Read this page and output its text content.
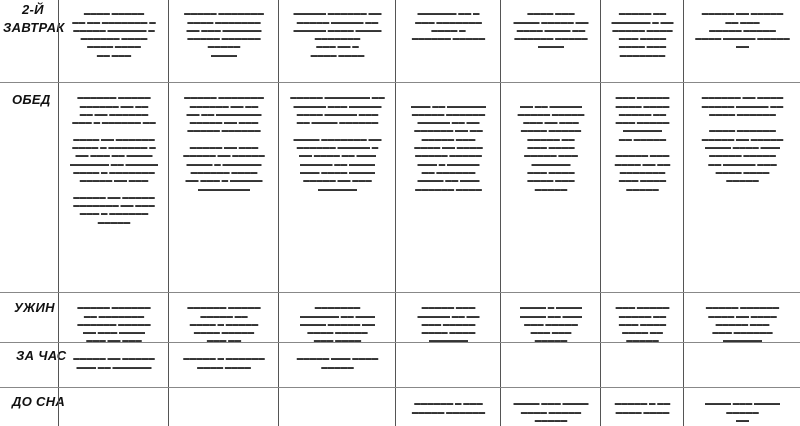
2-Й
ЗАВТРАК
ОБЕД
УЖИН
ЗА ЧАС
ДО СНА

▬▬▬▬ ▬▬▬▬▬
▬▬ ▬▬ ▬▬▬▬▬▬▬ ▬
▬▬▬▬▬ ▬▬▬▬▬▬ ▬
▬▬▬▬▬▬ ▬▬▬▬
▬▬▬▬ ▬▬▬▬
▬▬ ▬▬▬

▬▬▬▬▬ ▬▬▬▬▬▬▬
▬▬▬▬ ▬▬▬▬▬▬▬
▬▬ ▬▬▬ ▬▬▬▬▬▬
▬▬▬▬▬ ▬▬▬▬▬▬
▬▬▬▬▬
▬▬▬▬

▬▬▬▬▬ ▬▬▬▬▬▬ ▬▬
▬▬▬▬▬ ▬▬▬▬▬ ▬▬
▬▬▬▬▬ ▬▬▬▬ ▬▬▬▬
▬▬▬▬▬▬▬
▬▬▬ ▬▬ ▬
▬▬▬▬ ▬▬▬▬

▬▬▬▬▬▬ ▬▬ ▬
▬▬▬ ▬▬▬▬▬▬▬
▬▬▬▬ ▬
▬▬▬▬▬▬ ▬▬▬▬▬

▬▬▬▬ ▬▬▬
▬▬▬▬ ▬▬▬▬▬ ▬▬
▬▬▬▬ ▬▬▬▬ ▬▬
▬▬▬▬▬▬ ▬▬▬▬▬
▬▬▬▬

▬▬▬▬▬ ▬▬
▬▬▬▬▬▬ ▬ ▬▬
▬▬▬▬▬ ▬▬▬▬
▬▬▬ ▬▬▬▬
▬▬▬▬ ▬▬▬
▬▬▬▬▬▬▬

▬▬▬▬▬ ▬▬ ▬▬▬▬▬
▬▬ ▬▬▬
▬▬▬▬▬ ▬▬▬▬▬
▬▬▬▬ ▬▬▬▬▬ ▬▬▬▬▬
▬▬

▬▬▬▬▬▬ ▬▬▬▬▬
▬▬▬▬▬▬ ▬▬ ▬▬
▬▬ ▬▬ ▬▬▬▬▬▬
▬▬▬ ▬ ▬▬▬▬▬▬ ▬▬

▬▬▬▬ ▬▬ ▬▬▬▬▬▬
▬▬▬▬ ▬ ▬▬▬▬▬▬ ▬
▬▬ ▬▬▬ ▬▬ ▬▬▬▬
▬▬▬▬▬▬ ▬▬ ▬▬▬▬▬
▬▬▬▬ ▬ ▬▬▬▬▬▬▬
▬▬▬▬▬ ▬▬ ▬▬▬

▬▬▬▬▬ ▬▬ ▬▬▬▬▬
▬▬▬▬▬▬▬ ▬▬ ▬▬▬
▬▬▬ ▬ ▬▬▬▬▬▬
▬▬▬▬▬

▬▬▬▬▬ ▬▬▬▬▬▬▬
▬▬▬▬▬▬ ▬▬ ▬▬
▬▬ ▬▬ ▬▬▬▬▬▬▬
▬▬▬▬▬ ▬▬ ▬▬▬
▬▬▬▬▬ ▬▬▬▬▬▬

▬▬▬▬▬ ▬▬ ▬▬▬
▬▬▬▬▬ ▬▬ ▬▬▬▬▬
▬▬▬▬ ▬ ▬▬▬▬▬▬
▬▬▬▬▬▬ ▬▬▬▬
▬▬ ▬▬▬ ▬ ▬▬▬▬▬
▬▬▬▬▬▬▬▬

▬▬▬▬▬ ▬▬▬▬▬▬▬ ▬▬
▬▬▬▬▬ ▬▬▬ ▬▬▬▬▬
▬▬▬▬ ▬▬▬▬▬ ▬▬▬
▬▬ ▬▬▬▬ ▬▬▬▬▬▬

▬▬▬▬ ▬▬▬▬▬▬▬ ▬▬
▬▬▬▬▬▬ ▬▬▬▬▬ ▬
▬▬ ▬▬▬▬ ▬▬ ▬▬▬
▬▬▬▬▬ ▬▬ ▬▬▬▬
▬▬▬ ▬▬▬▬ ▬▬▬▬
▬▬▬▬▬ ▬▬ ▬▬▬
▬▬▬▬▬▬

▬▬▬ ▬▬ ▬▬▬▬▬▬
▬▬▬▬▬ ▬▬▬▬▬▬
▬▬▬▬▬ ▬▬ ▬▬
▬▬▬▬▬▬ ▬▬ ▬▬
▬▬▬▬▬ ▬▬▬
▬▬▬▬ ▬▬ ▬▬▬▬
▬▬▬▬▬ ▬▬▬▬▬
▬▬▬ ▬ ▬▬▬▬▬
▬▬ ▬▬▬▬▬▬
▬▬▬▬ ▬▬ ▬▬▬
▬▬▬▬▬▬ ▬▬▬▬

▬▬ ▬▬ ▬▬▬▬▬
▬▬▬▬▬ ▬▬▬▬▬
▬▬▬ ▬▬ ▬▬▬
▬▬▬▬ ▬▬▬▬▬
▬▬▬▬▬ ▬▬
▬▬▬ ▬▬▬▬
▬▬▬▬▬ ▬▬▬
▬▬▬▬▬▬
▬▬▬ ▬▬▬▬
▬▬▬▬ ▬▬▬
▬▬▬▬▬

▬▬▬ ▬▬▬▬▬
▬▬▬▬ ▬▬▬▬
▬▬▬▬▬ ▬▬
▬▬▬ ▬▬▬▬▬
▬▬▬▬▬▬
▬▬ ▬▬▬▬▬

▬▬▬▬▬ ▬▬▬
▬▬▬▬ ▬▬ ▬▬
▬▬▬▬▬▬▬
▬▬▬ ▬▬▬▬
▬▬▬▬▬

▬▬▬▬▬▬ ▬▬ ▬▬▬▬
▬▬▬▬▬ ▬▬▬▬▬ ▬▬
▬▬▬▬ ▬▬▬▬▬▬

▬▬▬▬ ▬▬▬▬▬▬
▬▬▬▬▬ ▬▬ ▬▬▬▬▬
▬▬▬▬ ▬▬▬▬ ▬▬▬
▬▬▬▬▬ ▬▬▬▬▬
▬▬ ▬▬▬▬▬ ▬▬▬
▬▬▬▬ ▬▬▬▬
▬▬▬▬▬

▬▬▬▬▬ ▬▬▬▬▬▬
▬▬ ▬▬▬▬▬▬▬
▬▬▬▬▬▬ ▬▬▬▬▬
▬▬ ▬▬▬ ▬▬▬▬
▬▬▬ ▬▬ ▬▬▬

▬▬▬▬▬▬ ▬▬▬▬▬
▬▬▬▬▬ ▬▬
▬▬▬▬ ▬ ▬▬▬▬▬
▬▬▬▬ ▬▬▬▬▬
▬▬▬ ▬▬

▬▬▬▬▬▬▬
▬▬▬▬▬▬ ▬▬ ▬▬▬
▬▬▬▬ ▬▬▬▬▬ ▬▬
▬▬▬▬ ▬▬▬▬▬
▬▬▬ ▬▬▬▬

▬▬▬▬▬ ▬▬▬
▬▬▬▬▬ ▬▬ ▬▬
▬▬▬ ▬▬▬▬▬
▬▬▬▬ ▬▬▬▬
▬▬▬▬▬▬

▬▬▬▬ ▬ ▬▬▬▬
▬▬▬▬ ▬▬ ▬▬▬
▬▬▬ ▬▬▬▬▬
▬▬▬ ▬▬▬
▬▬▬▬▬

▬▬▬ ▬▬▬▬▬
▬▬▬▬▬ ▬▬
▬▬▬ ▬▬▬▬
▬▬▬▬ ▬▬
▬▬▬▬▬

▬▬▬▬▬ ▬▬▬▬▬▬
▬▬▬▬ ▬▬ ▬▬▬▬
▬▬▬▬▬ ▬▬▬
▬▬▬ ▬▬▬▬▬▬
▬▬▬▬▬▬

▬▬▬▬▬ ▬▬ ▬▬▬▬▬
▬▬▬ ▬▬ ▬▬▬▬▬▬

▬▬▬▬▬ ▬ ▬▬▬▬▬▬
▬▬▬▬ ▬▬▬▬

▬▬▬▬▬ ▬▬▬ ▬▬▬▬
▬▬▬▬▬

▬▬▬▬▬▬ ▬ ▬▬▬
▬▬▬▬▬ ▬▬▬▬▬▬

▬▬▬▬ ▬▬▬ ▬▬▬▬
▬▬▬▬ ▬▬▬▬▬
▬▬▬▬▬

▬▬▬▬▬ ▬ ▬▬
▬▬▬▬ ▬▬▬▬

▬▬▬▬ ▬▬▬ ▬▬▬▬
▬▬▬▬▬
▬▬
